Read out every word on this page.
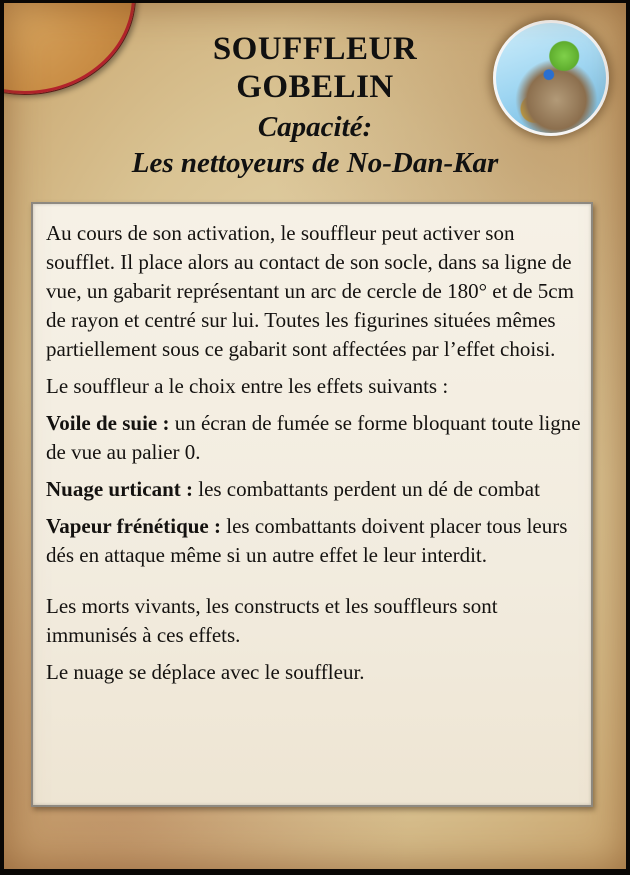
SOUFFLEUR
GOBELIN
Capacité:
Les nettoyeurs de No-Dan-Kar

Au cours de son activation, le souffleur peut activer son soufflet. Il place alors au contact de son socle, dans sa ligne de vue, un gabarit représentant un arc de cercle de 180° et de 5cm de rayon et centré sur lui. Toutes les figurines situées mêmes partiellement sous ce gabarit sont affectées par l’effet choisi.

Le souffleur a le choix entre les effets suivants :

Voile de suie : un écran de fumée se forme bloquant toute ligne de vue au palier 0.

Nuage urticant : les combattants perdent un dé de combat

Vapeur frénétique : les combattants doivent placer tous leurs dés en attaque même si un autre effet le leur interdit.

Les morts vivants, les constructs et les souffleurs sont immunisés à ces effets.

Le nuage se déplace avec le souffleur.
